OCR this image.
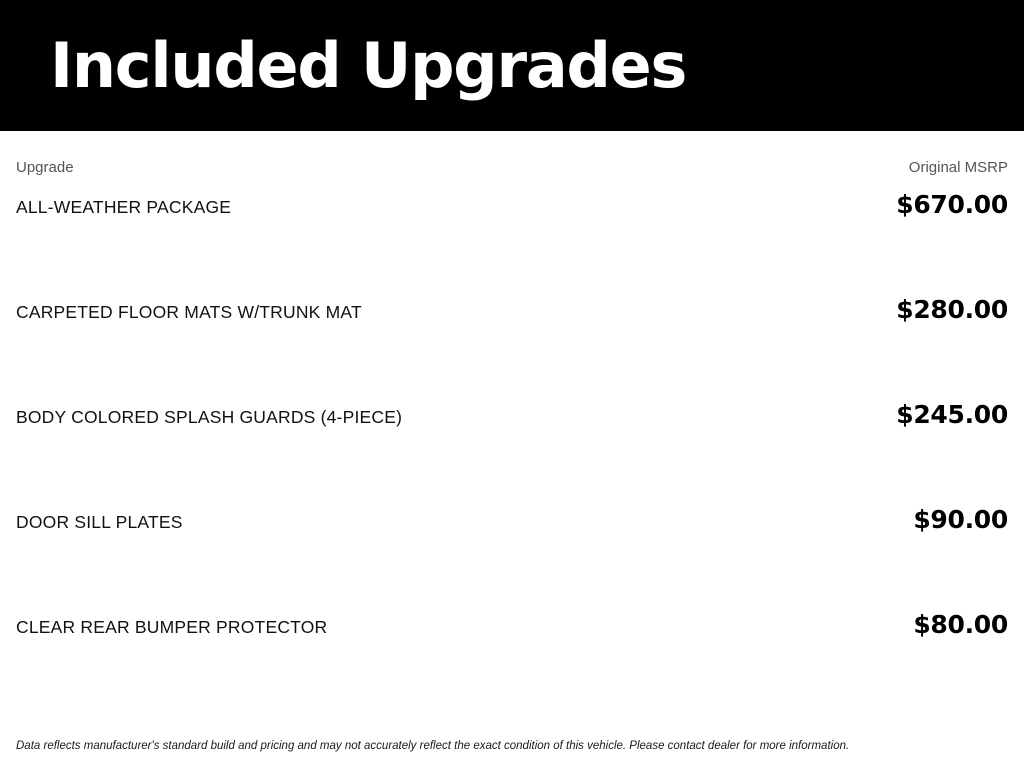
Included Upgrades
Upgrade	Original MSRP
ALL-WEATHER PACKAGE	$670.00
CARPETED FLOOR MATS W/TRUNK MAT	$280.00
BODY COLORED SPLASH GUARDS (4-PIECE)	$245.00
DOOR SILL PLATES	$90.00
CLEAR REAR BUMPER PROTECTOR	$80.00
Data reflects manufacturer's standard build and pricing and may not accurately reflect the exact condition of this vehicle. Please contact dealer for more information.
